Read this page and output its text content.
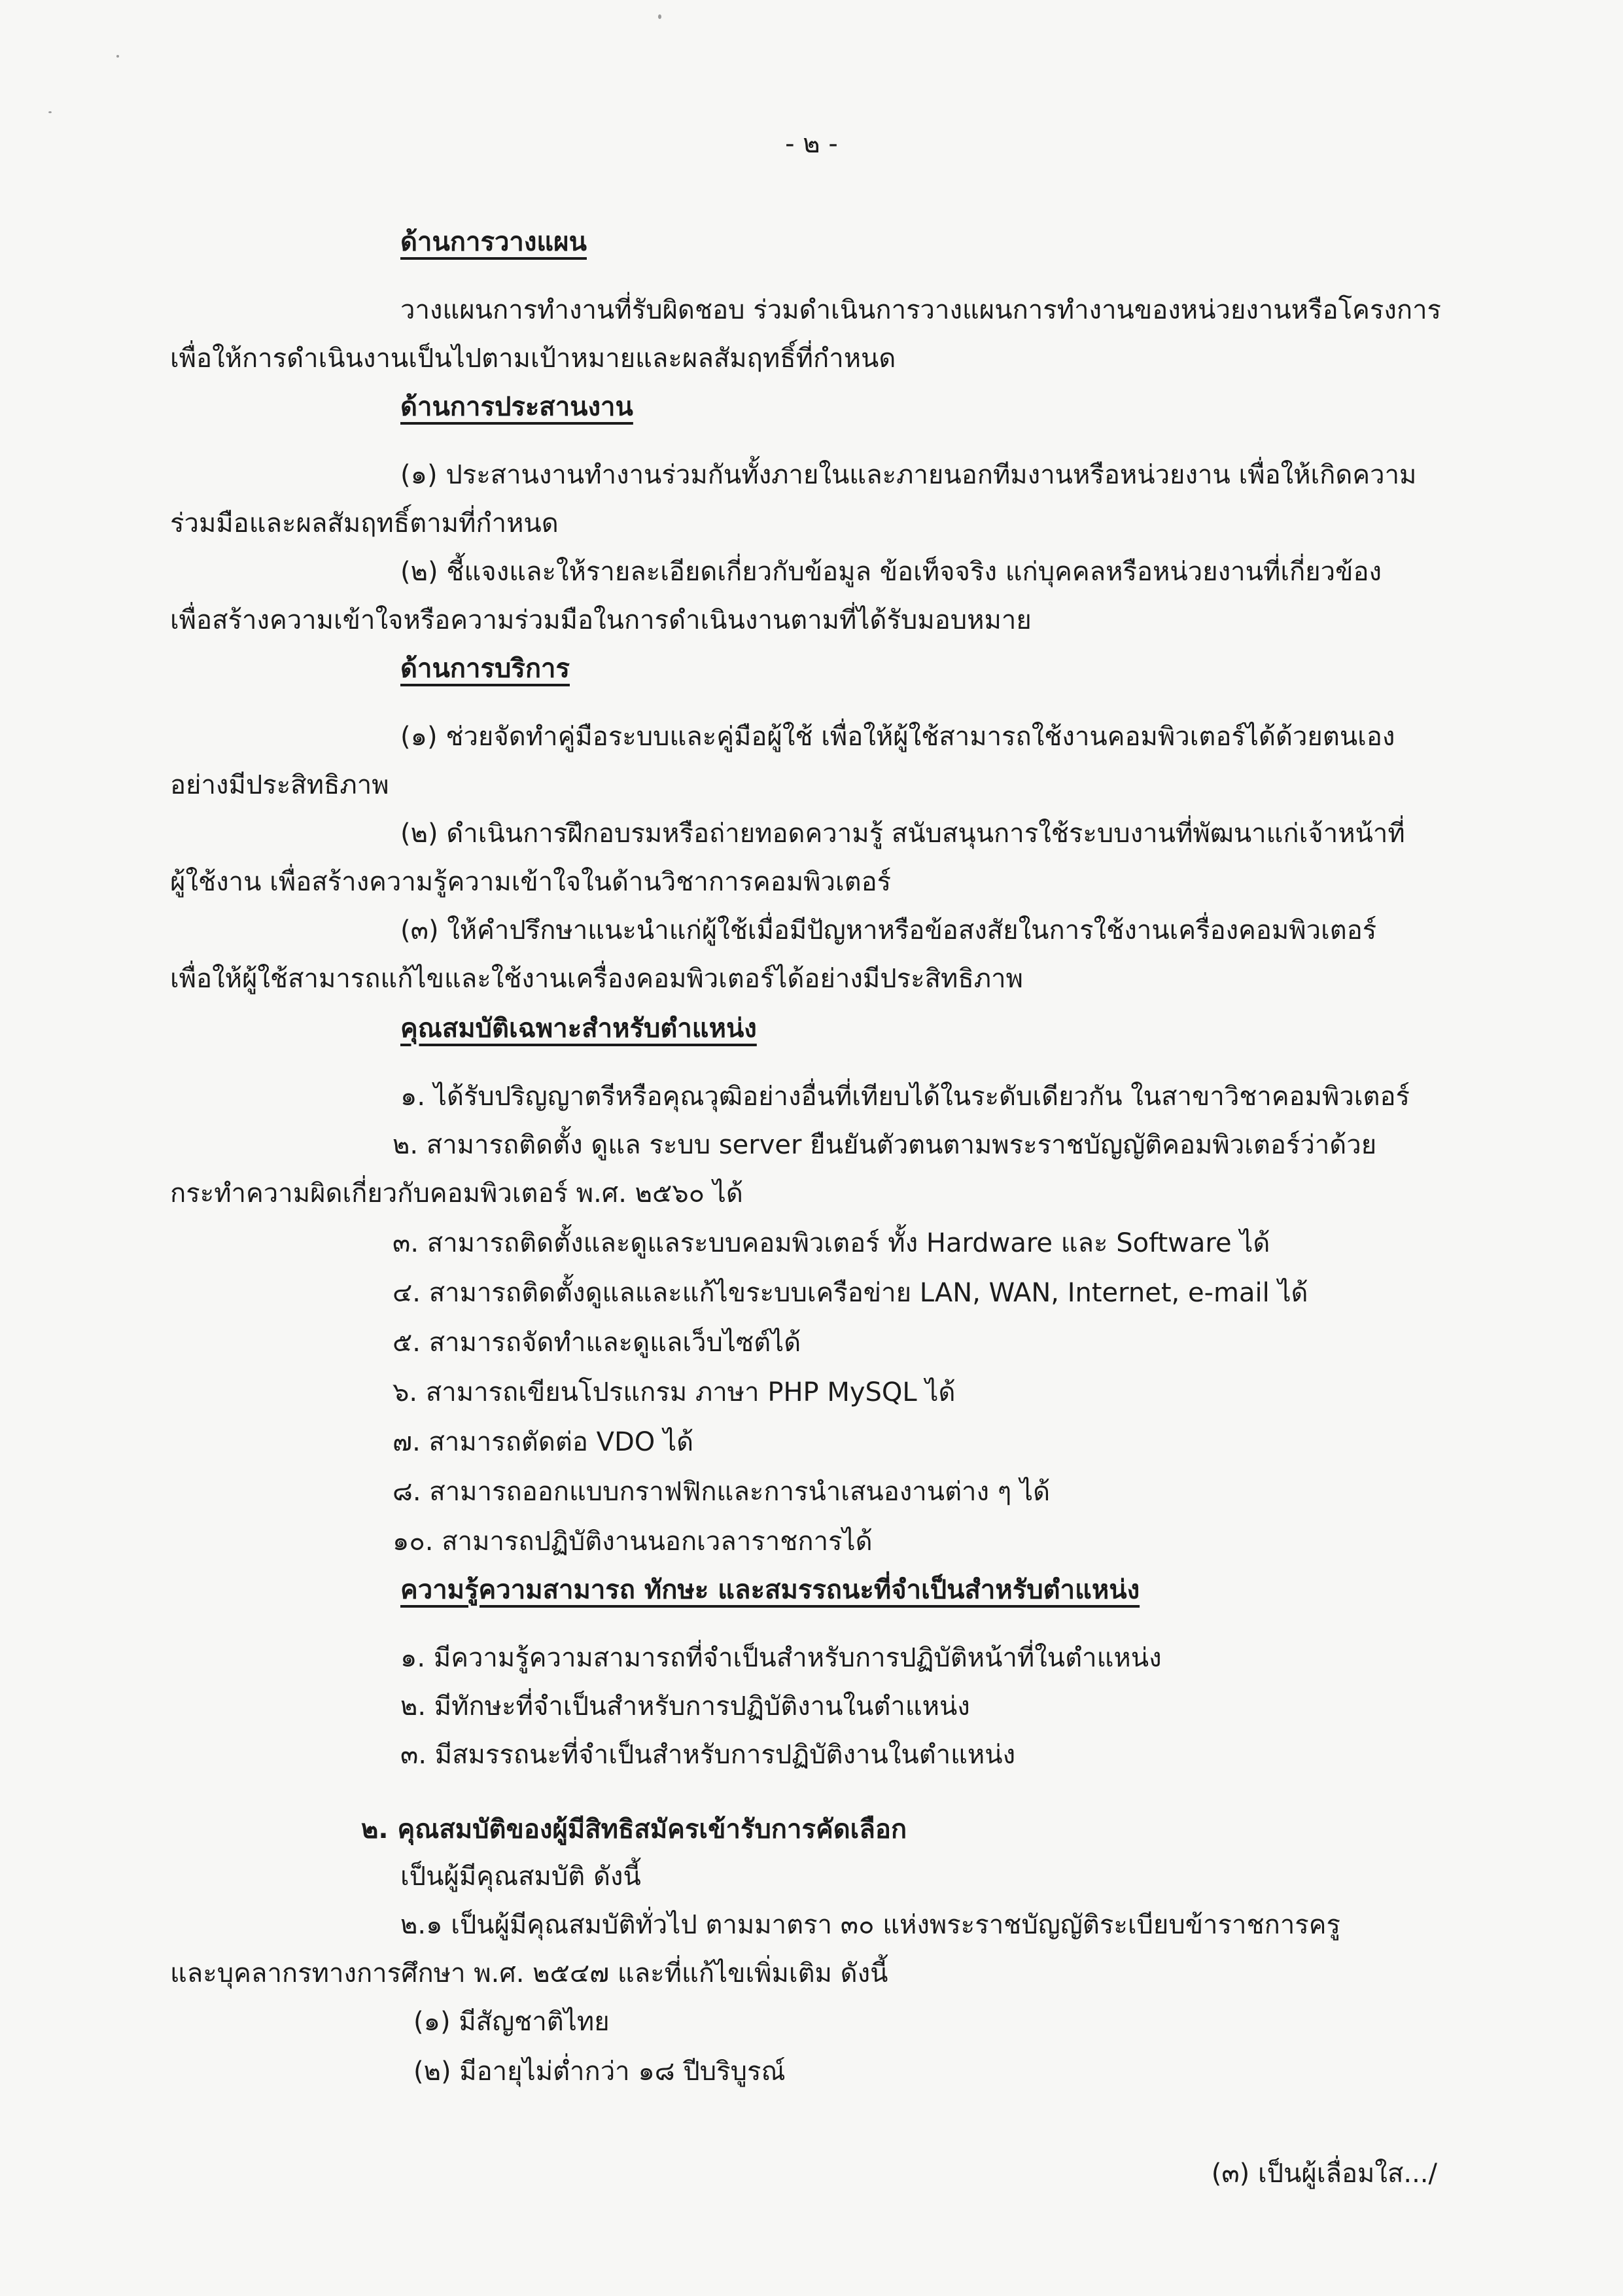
- ๒ -
ด้านการวางแผน
วางแผนการทำงานที่รับผิดชอบ ร่วมดำเนินการวางแผนการทำงานของหน่วยงานหรือโครงการ
เพื่อให้การดำเนินงานเป็นไปตามเป้าหมายและผลสัมฤทธิ์ที่กำหนด
ด้านการประสานงาน
(๑) ประสานงานทำงานร่วมกันทั้งภายในและภายนอกทีมงานหรือหน่วยงาน เพื่อให้เกิดความ
ร่วมมือและผลสัมฤทธิ์ตามที่กำหนด
(๒) ชี้แจงและให้รายละเอียดเกี่ยวกับข้อมูล ข้อเท็จจริง แก่บุคคลหรือหน่วยงานที่เกี่ยวข้อง
เพื่อสร้างความเข้าใจหรือความร่วมมือในการดำเนินงานตามที่ได้รับมอบหมาย
ด้านการบริการ
(๑) ช่วยจัดทำคู่มือระบบและคู่มือผู้ใช้ เพื่อให้ผู้ใช้สามารถใช้งานคอมพิวเตอร์ได้ด้วยตนเอง
อย่างมีประสิทธิภาพ
(๒) ดำเนินการฝึกอบรมหรือถ่ายทอดความรู้ สนับสนุนการใช้ระบบงานที่พัฒนาแก่เจ้าหน้าที่
ผู้ใช้งาน เพื่อสร้างความรู้ความเข้าใจในด้านวิชาการคอมพิวเตอร์
(๓) ให้คำปรึกษาแนะนำแก่ผู้ใช้เมื่อมีปัญหาหรือข้อสงสัยในการใช้งานเครื่องคอมพิวเตอร์
เพื่อให้ผู้ใช้สามารถแก้ไขและใช้งานเครื่องคอมพิวเตอร์ได้อย่างมีประสิทธิภาพ
คุณสมบัติเฉพาะสำหรับตำแหน่ง
๑. ได้รับปริญญาตรีหรือคุณวุฒิอย่างอื่นที่เทียบได้ในระดับเดียวกัน ในสาขาวิชาคอมพิวเตอร์
๒. สามารถติดตั้ง ดูแล ระบบ server ยืนยันตัวตนตามพระราชบัญญัติคอมพิวเตอร์ว่าด้วย
กระทำความผิดเกี่ยวกับคอมพิวเตอร์ พ.ศ. ๒๕๖๐ ได้
๓. สามารถติดตั้งและดูแลระบบคอมพิวเตอร์ ทั้ง Hardware และ Software ได้
๔. สามารถติดตั้งดูแลและแก้ไขระบบเครือข่าย LAN, WAN, Internet, e-mail ได้
๕. สามารถจัดทำและดูแลเว็บไซต์ได้
๖. สามารถเขียนโปรแกรม ภาษา PHP MySQL ได้
๗. สามารถตัดต่อ VDO ได้
๘. สามารถออกแบบกราฟฟิกและการนำเสนองานต่าง ๆ ได้
๑๐. สามารถปฏิบัติงานนอกเวลาราชการได้
ความรู้ความสามารถ ทักษะ และสมรรถนะที่จำเป็นสำหรับตำแหน่ง
๑. มีความรู้ความสามารถที่จำเป็นสำหรับการปฏิบัติหน้าที่ในตำแหน่ง
๒. มีทักษะที่จำเป็นสำหรับการปฏิบัติงานในตำแหน่ง
๓. มีสมรรถนะที่จำเป็นสำหรับการปฏิบัติงานในตำแหน่ง
๒. คุณสมบัติของผู้มีสิทธิสมัครเข้ารับการคัดเลือก
เป็นผู้มีคุณสมบัติ ดังนี้
๒.๑ เป็นผู้มีคุณสมบัติทั่วไป ตามมาตรา ๓๐ แห่งพระราชบัญญัติระเบียบข้าราชการครู
และบุคลากรทางการศึกษา พ.ศ. ๒๕๔๗ และที่แก้ไขเพิ่มเติม ดังนี้
(๑) มีสัญชาติไทย
(๒) มีอายุไม่ต่ำกว่า ๑๘ ปีบริบูรณ์
(๓) เป็นผู้เลื่อมใส.../
